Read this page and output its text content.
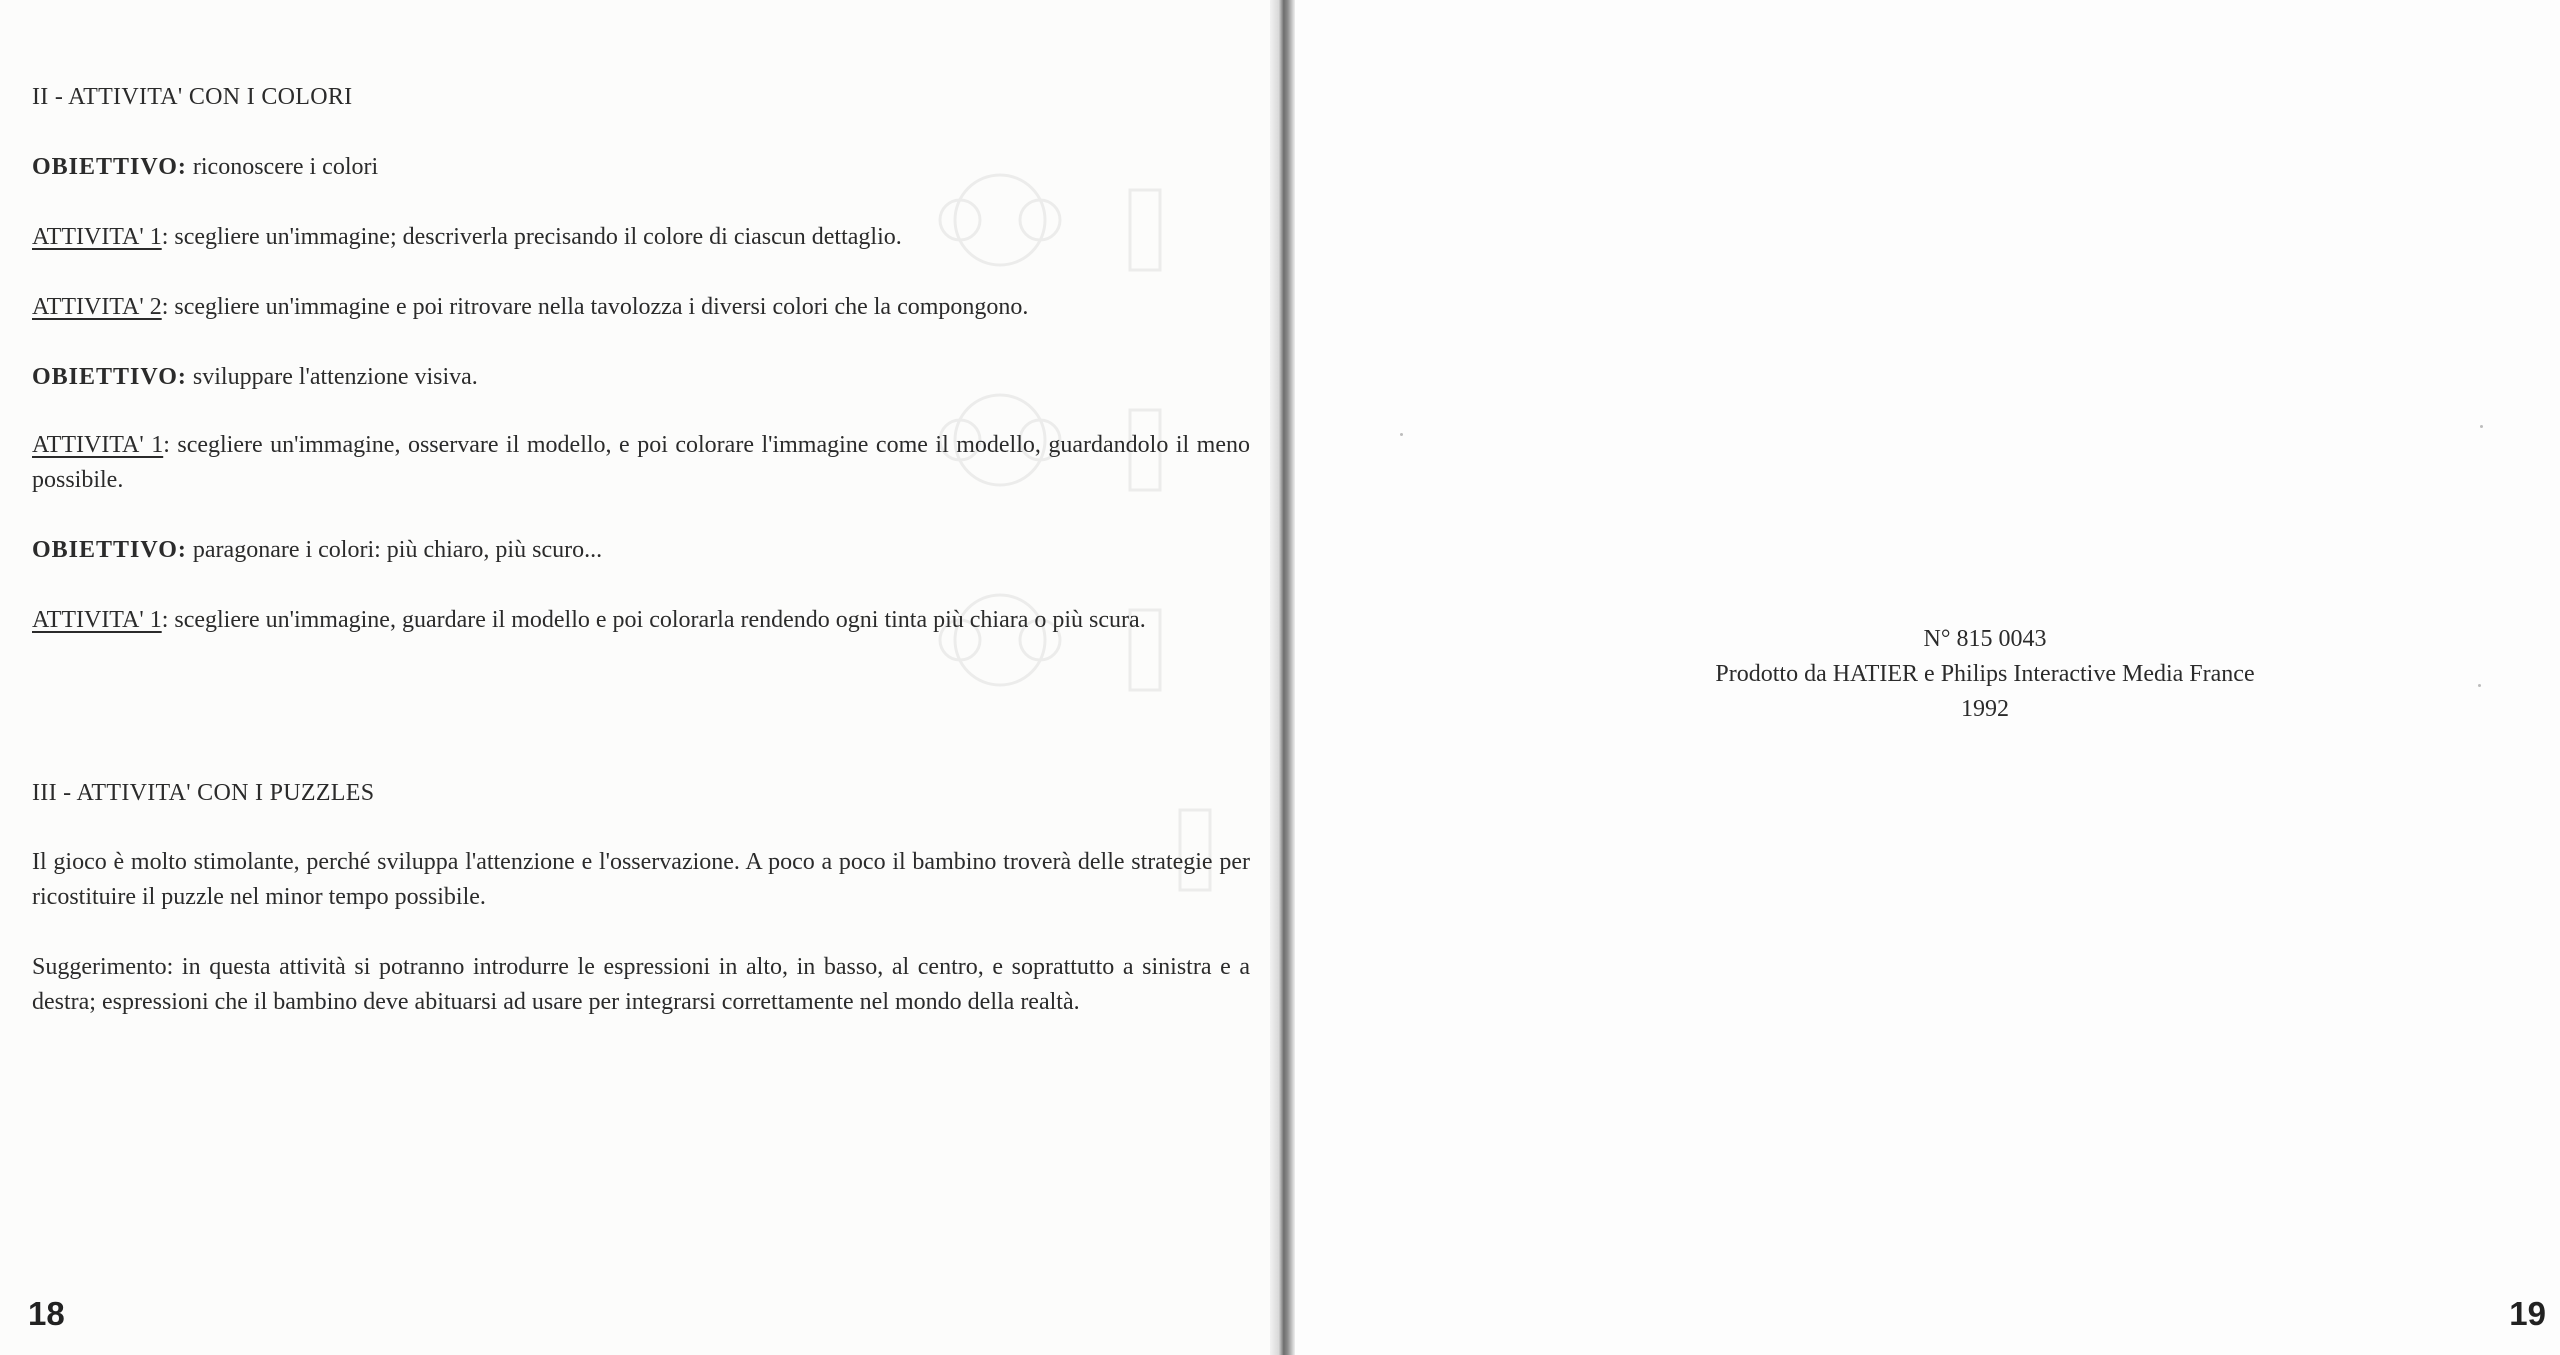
II - ATTIVITA' CON I COLORI
OBIETTIVO: riconoscere i colori
ATTIVITA' 1: scegliere un'immagine; descriverla precisando il colore di ciascun dettaglio.
ATTIVITA' 2: scegliere un'immagine e poi ritrovare nella tavolozza i diversi colori che la compongono.
OBIETTIVO: sviluppare l'attenzione visiva.
ATTIVITA' 1: scegliere un'immagine, osservare il modello, e poi colorare l'immagine come il modello, guardandolo il meno possibile.
OBIETTIVO: paragonare i colori: più chiaro, più scuro...
ATTIVITA' 1: scegliere un'immagine, guardare il modello e poi colorarla rendendo ogni tinta più chiara o più scura.
III - ATTIVITA' CON I PUZZLES
Il gioco è molto stimolante, perché sviluppa l'attenzione e l'osservazione. A poco a poco il bambino troverà delle strategie per ricostituire il puzzle nel minor tempo possibile.
Suggerimento: in questa attività si potranno introdurre le espressioni in alto, in basso, al centro, e soprattutto a sinistra e a destra; espressioni che il bambino deve abituarsi ad usare per integrarsi correttamente nel mondo della realtà.
18
N° 815 0043
Prodotto da HATIER e Philips Interactive Media France
1992
19
